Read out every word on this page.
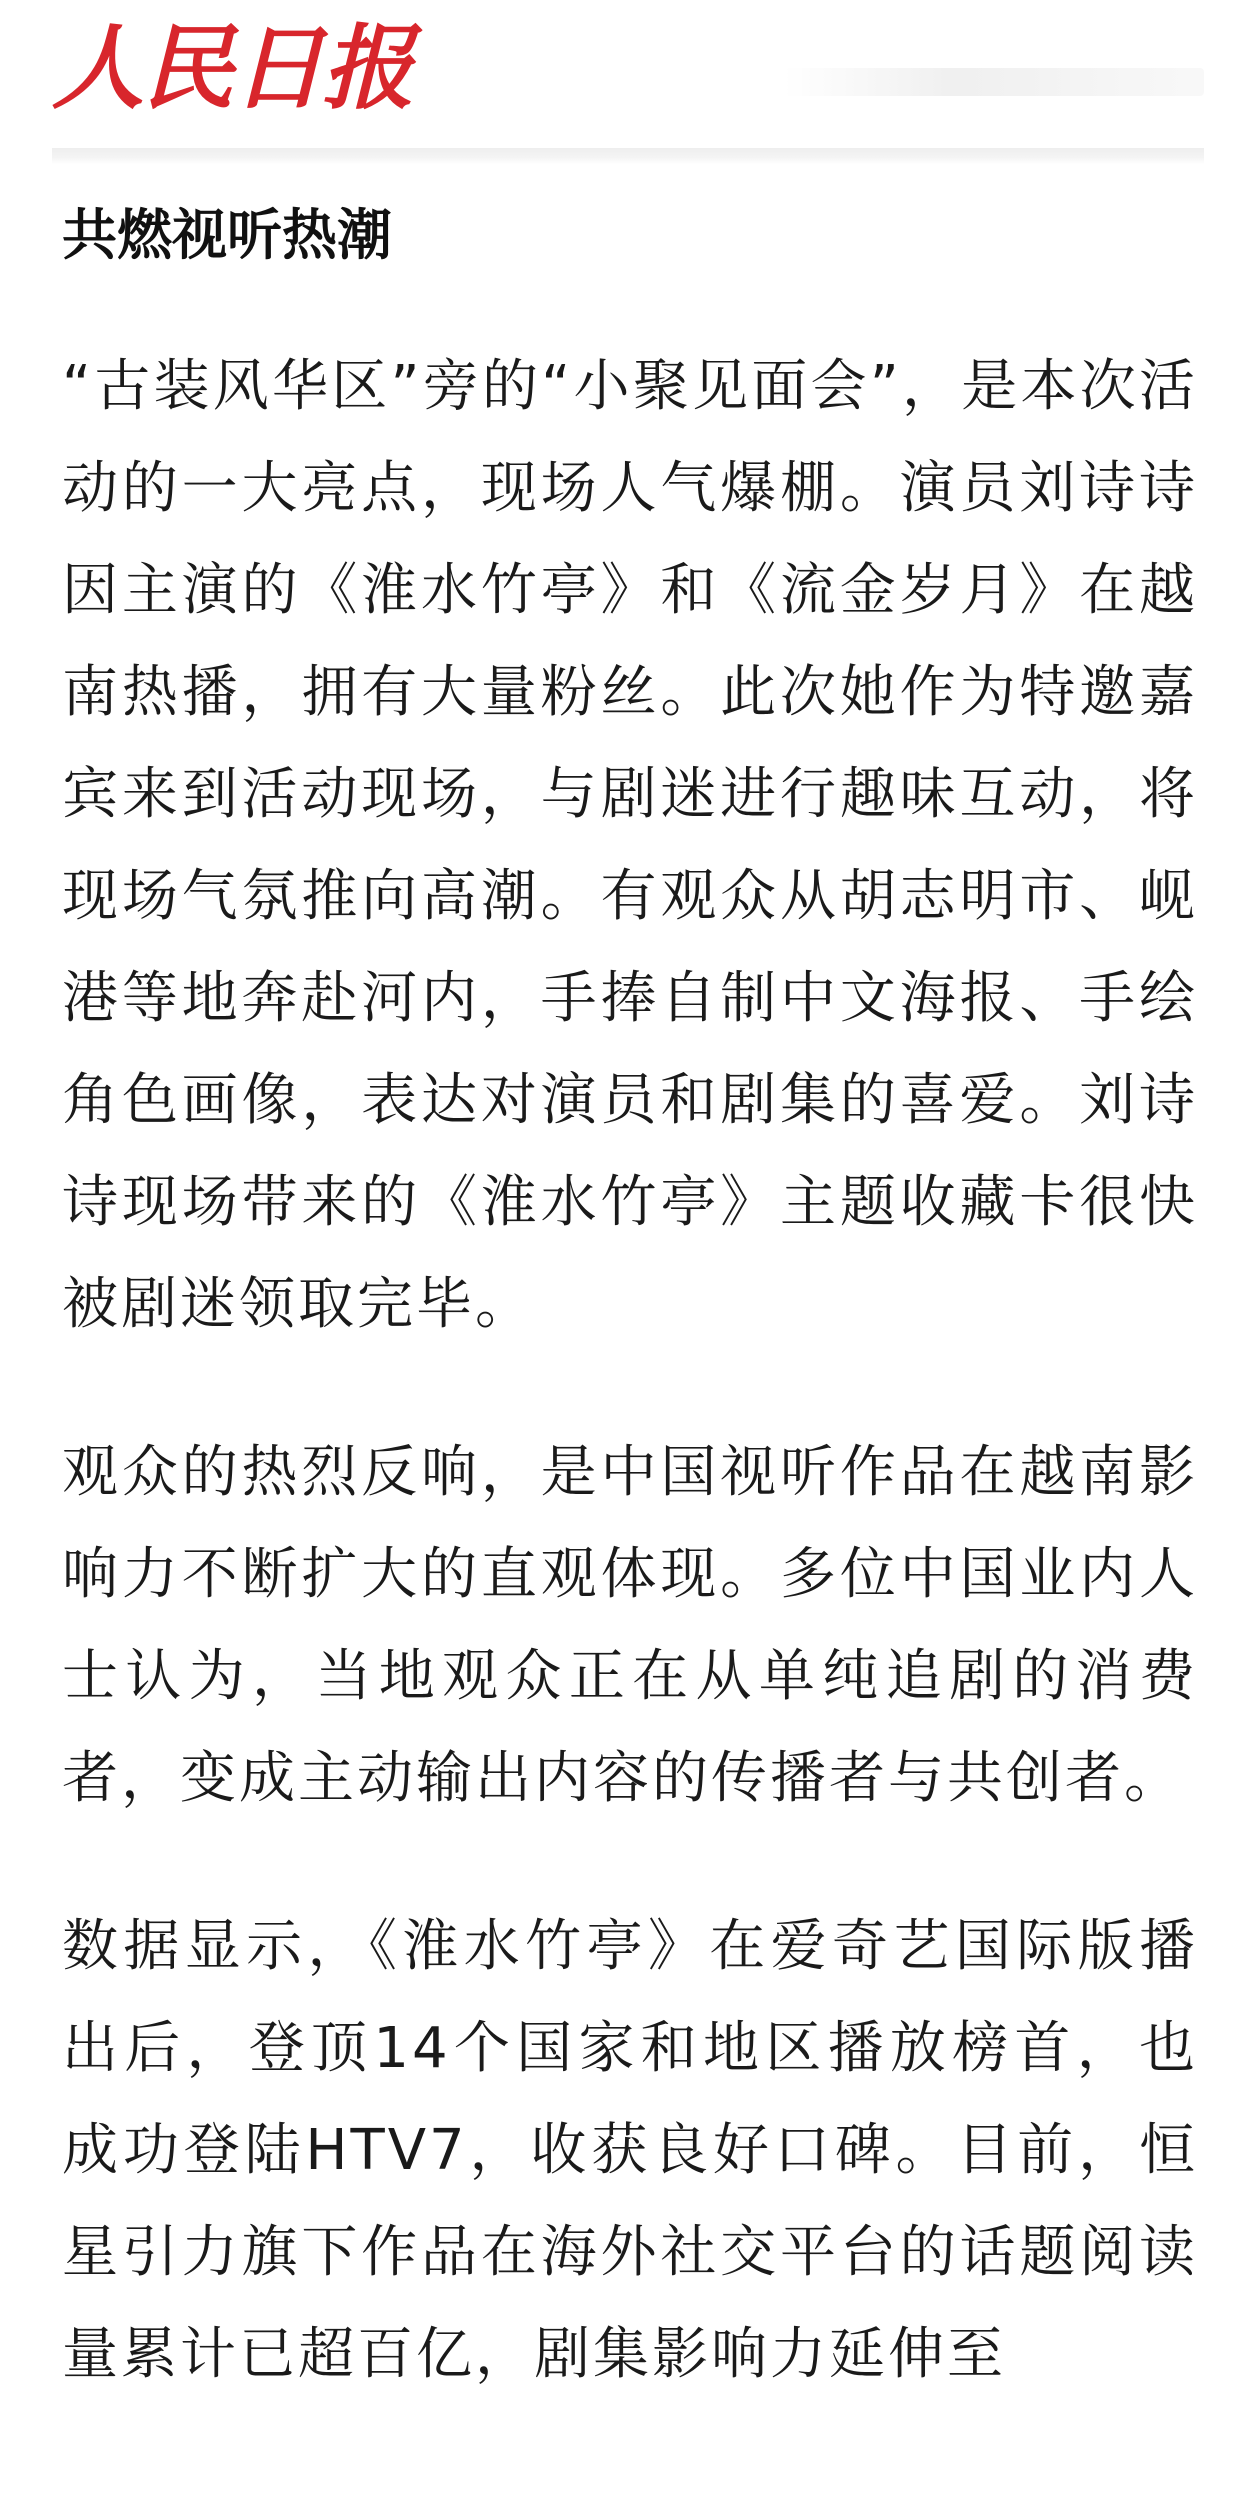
人民日报
共燃视听热潮

“古装风华区”旁的“小聚见面会”，是本次活动的一大亮点，现场人气爆棚。演员刘诗诗因主演的《淮水竹亭》和《流金岁月》在越南热播，拥有大量粉丝。此次她作为特邀嘉宾来到活动现场，与剧迷进行趣味互动，将现场气氛推向高潮。有观众从胡志明市、岘港等地奔赴河内，手捧自制中文海报、手绘角色画像，表达对演员和剧集的喜爱。刘诗诗现场带来的《淮水竹亭》主题收藏卡很快被剧迷领取完毕。

观众的热烈反响，是中国视听作品在越南影响力不断扩大的直观体现。多位中国业内人士认为，当地观众正在从单纯追剧的消费者，变成主动输出内容的传播者与共创者。

数据显示，《淮水竹亭》在爱奇艺国际版播出后，登顶14个国家和地区播放榜首，也成功登陆HTV7，收获良好口碑。目前，恒星引力旗下作品在海外社交平台的话题阅读量累计已超百亿，剧集影响力延伸至
